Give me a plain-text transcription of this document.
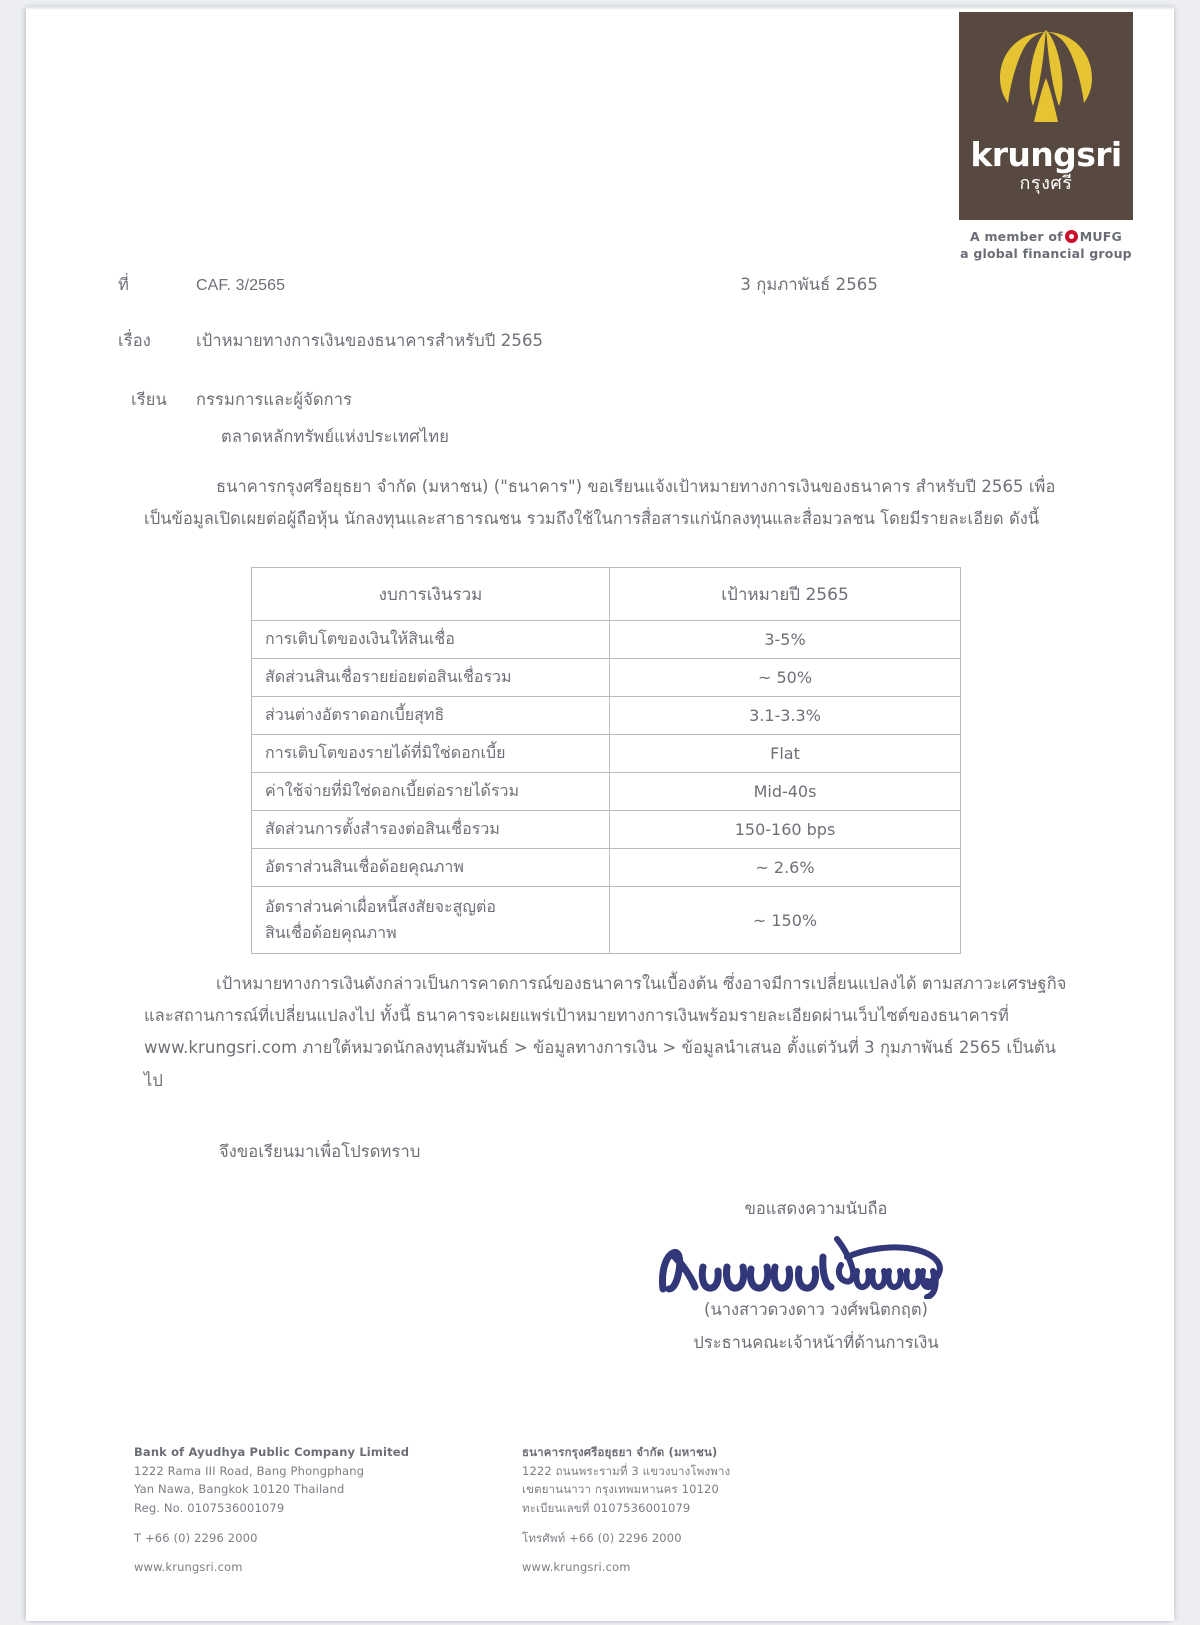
krungsri
กรุงศรี
A member of MUFG
a global financial group
ที่	CAF. 3/2565	3 กุมภาพันธ์ 2565
เรื่อง	เป้าหมายทางการเงินของธนาคารสำหรับปี 2565
เรียน	กรรมการและผู้จัดการ
ตลาดหลักทรัพย์แห่งประเทศไทย
ธนาคารกรุงศรีอยุธยา จำกัด (มหาชน) ("ธนาคาร") ขอเรียนแจ้งเป้าหมายทางการเงินของธนาคาร สำหรับปี 2565 เพื่อเป็นข้อมูลเปิดเผยต่อผู้ถือหุ้น นักลงทุนและสาธารณชน รวมถึงใช้ในการสื่อสารแก่นักลงทุนและสื่อมวลชน โดยมีรายละเอียด ดังนี้
งบการเงินรวม	เป้าหมายปี 2565
การเติบโตของเงินให้สินเชื่อ	3-5%
สัดส่วนสินเชื่อรายย่อยต่อสินเชื่อรวม	~ 50%
ส่วนต่างอัตราดอกเบี้ยสุทธิ	3.1-3.3%
การเติบโตของรายได้ที่มิใช่ดอกเบี้ย	Flat
ค่าใช้จ่ายที่มิใช่ดอกเบี้ยต่อรายได้รวม	Mid-40s
สัดส่วนการตั้งสำรองต่อสินเชื่อรวม	150-160 bps
อัตราส่วนสินเชื่อด้อยคุณภาพ	~ 2.6%

อัตราส่วนค่าเผื่อหนี้สงสัยจะสูญต่อ
สินเชื่อด้อยคุณภาพ	~ 150%
เป้าหมายทางการเงินดังกล่าวเป็นการคาดการณ์ของธนาคารในเบื้องต้น ซึ่งอาจมีการเปลี่ยนแปลงได้ ตามสภาวะเศรษฐกิจและสถานการณ์ที่เปลี่ยนแปลงไป ทั้งนี้ ธนาคารจะเผยแพร่เป้าหมายทางการเงินพร้อมรายละเอียดผ่านเว็บไซต์ของธนาคารที่ www.krungsri.com ภายใต้หมวดนักลงทุนสัมพันธ์ > ข้อมูลทางการเงิน > ข้อมูลนำเสนอ ตั้งแต่วันที่ 3 กุมภาพันธ์ 2565 เป็นต้นไป
จึงขอเรียนมาเพื่อโปรดทราบ
ขอแสดงความนับถือ
(นางสาวดวงดาว วงศ์พนิตกฤต)
ประธานคณะเจ้าหน้าที่ด้านการเงิน
Bank of Ayudhya Public Company Limited
1222 Rama III Road, Bang Phongphang
Yan Nawa, Bangkok 10120 Thailand
Reg. No. 0107536001079
T +66 (0) 2296 2000
www.krungsri.com
ธนาคารกรุงศรีอยุธยา จำกัด (มหาชน)
1222 ถนนพระรามที่ 3 แขวงบางโพงพาง
เขตยานนาวา กรุงเทพมหานคร 10120
ทะเบียนเลขที่ 0107536001079
โทรศัพท์ +66 (0) 2296 2000
www.krungsri.com
